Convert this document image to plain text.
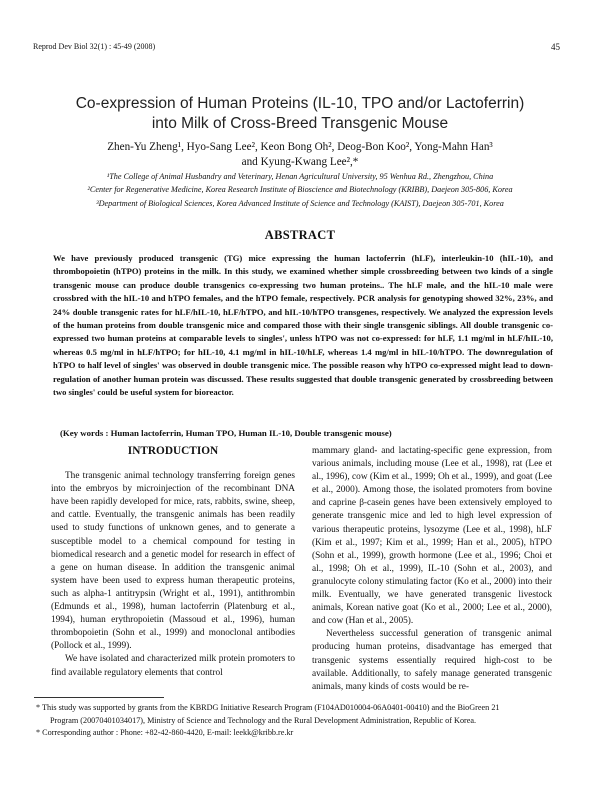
Reprod Dev Biol 32(1) : 45-49 (2008)	45
Co-expression of Human Proteins (IL-10, TPO and/or Lactoferrin)
into Milk of Cross-Breed Transgenic Mouse
Zhen-Yu Zheng¹, Hyo-Sang Lee², Keon Bong Oh², Deog-Bon Koo², Yong-Mahn Han³
and Kyung-Kwang Lee²,*
¹The College of Animal Husbandry and Veterinary, Henan Agricultural University, 95 Wenhua Rd., Zhengzhou, China
²Center for Regenerative Medicine, Korea Research Institute of Bioscience and Biotechnology (KRIBB), Daejeon 305-806, Korea
³Department of Biological Sciences, Korea Advanced Institute of Science and Technology (KAIST), Daejeon 305-701, Korea
ABSTRACT
We have previously produced transgenic (TG) mice expressing the human lactoferrin (hLF), interleukin-10 (hIL-10), and thrombopoietin (hTPO) proteins in the milk. In this study, we examined whether simple crossbreeding between two kinds of a single transgenic mouse can produce double transgenics co-expressing two human proteins.. The hLF male, and the hIL-10 male were crossbred with the hIL-10 and hTPO females, and the hTPO female, respectively. PCR analysis for genotyping showed 32%, 23%, and 24% double transgenic rates for hLF/hIL-10, hLF/hTPO, and hIL-10/hTPO transgenes, respectively. We analyzed the expression levels of the human proteins from double transgenic mice and compared those with their single transgenic siblings. All double transgenic co-expressed two human proteins at comparable levels to singles', unless hTPO was not co-expressed: for hLF, 1.1 mg/ml in hLF/hIL-10, whereas 0.5 mg/ml in hLF/hTPO; for hIL-10, 4.1 mg/ml in hIL-10/hLF, whereas 1.4 mg/ml in hIL-10/hTPO. The downregulation of hTPO to half level of singles' was observed in double transgenic mice. The possible reason why hTPO co-expressed might lead to down-regulation of another human protein was discussed. These results suggested that double transgenic generated by crossbreeding between two singles' could be useful system for bioreactor.
(Key words : Human lactoferrin, Human TPO, Human IL-10, Double transgenic mouse)
INTRODUCTION

The transgenic animal technology transferring foreign genes into the embryos by microinjection of the recombinant DNA have been rapidly developed for mice, rats, rabbits, swine, sheep, and cattle. Eventually, the transgenic animals has been readily used to study functions of unknown genes, and to generate a susceptible model to a chemical compound for testing in biomedical research and a genetic model for research in effect of a gene on human disease. In addition the transgenic animal system have been used to express human therapeutic proteins, such as alpha-1 antitrypsin (Wright et al., 1991), antithrombin (Edmunds et al., 1998), human lactoferrin (Platenburg et al., 1994), human erythropoietin (Massoud et al., 1996), human thrombopoietin (Sohn et al., 1999) and monoclonal antibodies (Pollock et al., 1999).

We have isolated and characterized milk protein promoters to find available regulatory elements that control

mammary gland- and lactating-specific gene expression, from various animals, including mouse (Lee et al., 1998), rat (Lee et al., 1996), cow (Kim et al., 1999; Oh et al., 1999), and goat (Lee et al., 2000). Among those, the isolated promoters from bovine and caprine β-casein genes have been extensively employed to generate transgenic mice and led to high level expression of various therapeutic proteins, lysozyme (Lee et al., 1998), hLF (Kim et al., 1997; Kim et al., 1999; Han et al., 2005), hTPO (Sohn et al., 1999), growth hormone (Lee et al., 1996; Choi et al., 1998; Oh et al., 1999), IL-10 (Sohn et al., 2003), and granulocyte colony stimulating factor (Ko et al., 2000) into their milk. Eventually, we have generated transgenic livestock animals, Korean native goat (Ko et al., 2000; Lee et al., 2000), and cow (Han et al., 2005).

Nevertheless successful generation of transgenic animal producing human proteins, disadvantage has emerged that transgenic systems essentially required high-cost to be available. Additionally, to safely manage generated transgenic animals, many kinds of costs would be re-

* This study was supported by grants from the KBRDG Initiative Research Program (F104AD010004-06A0401-00410) and the BioGreen 21
Program (20070401034017), Ministry of Science and Technology and the Rural Development Administration, Republic of Korea.
* Corresponding author : Phone: +82-42-860-4420, E-mail: leekk@kribb.re.kr
